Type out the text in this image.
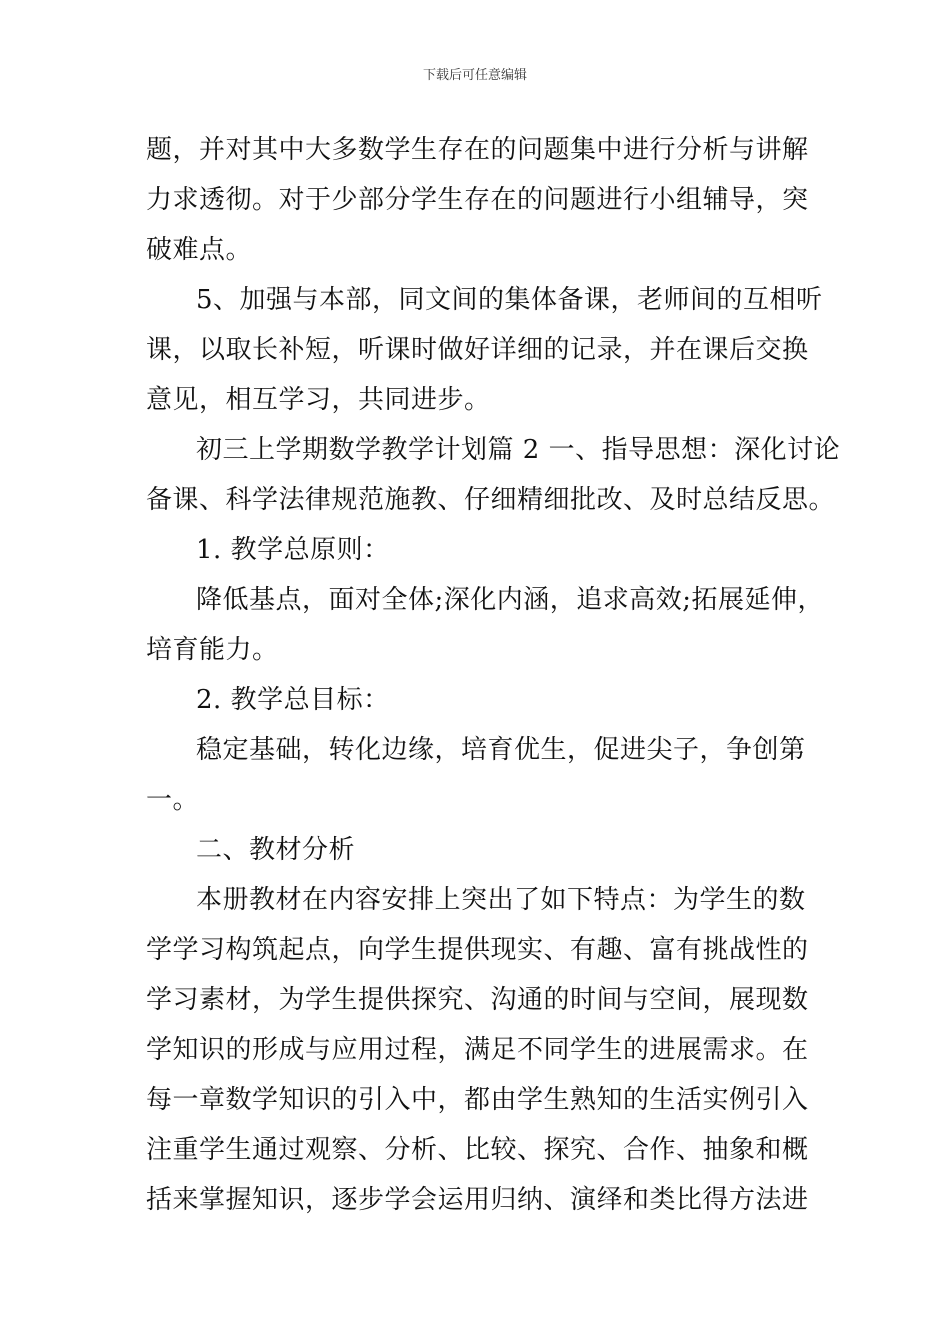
下载后可任意编辑
题，并对其中大多数学生存在的问题集中进行分析与讲解
力求透彻。对于少部分学生存在的问题进行小组辅导，突
破难点。
5、加强与本部，同文间的集体备课，老师间的互相听
课，以取长补短，听课时做好详细的记录，并在课后交换
意见，相互学习，共同进步。
初三上学期数学教学计划篇 2 一、指导思想：深化讨论
备课、科学法律规范施教、仔细精细批改、及时总结反思。
1. 教学总原则：
降低基点，面对全体;深化内涵，追求高效;拓展延伸，
培育能力。
2. 教学总目标：
稳定基础，转化边缘，培育优生，促进尖子，争创第
一。
二、教材分析
本册教材在内容安排上突出了如下特点：为学生的数
学学习构筑起点，向学生提供现实、有趣、富有挑战性的
学习素材，为学生提供探究、沟通的时间与空间，展现数
学知识的形成与应用过程，满足不同学生的进展需求。在
每一章数学知识的引入中，都由学生熟知的生活实例引入
注重学生通过观察、分析、比较、探究、合作、抽象和概
括来掌握知识，逐步学会运用归纳、演绎和类比得方法进
